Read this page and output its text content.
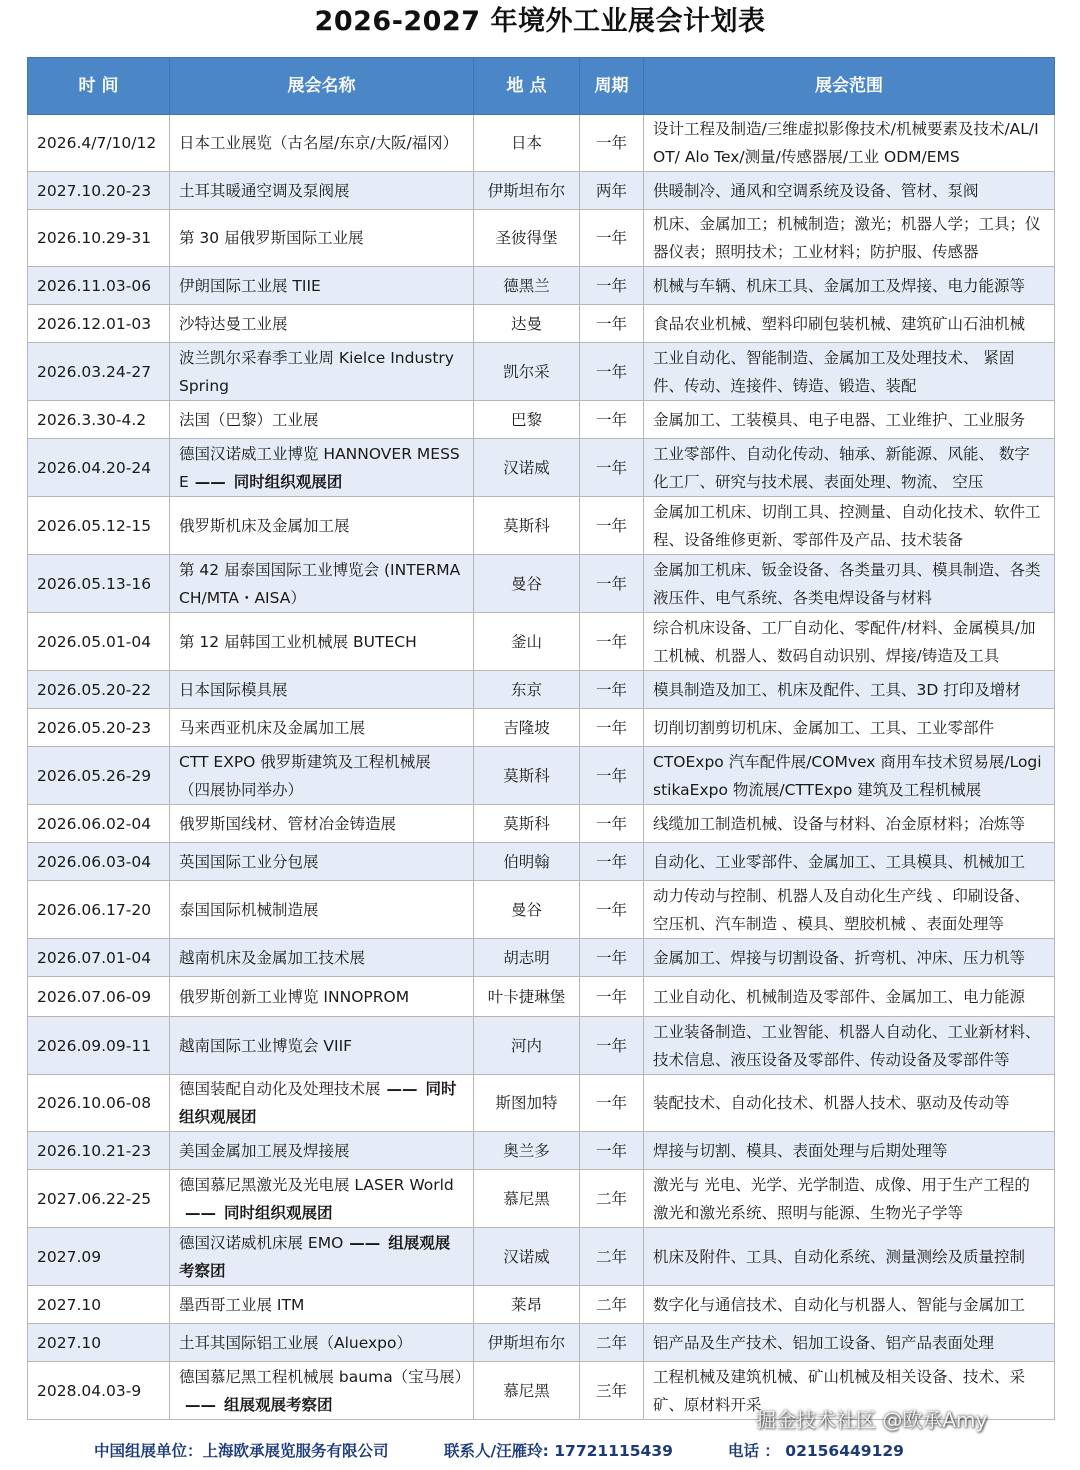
2026-2027 年境外工业展会计划表
时 间	展会名称	地 点	周期	展会范围
2026.4/7/10/12	日本工业展览（古名屋/东京/大阪/福冈）	日本	一年	设计工程及制造/三维虚拟影像技术/机械要素及技术/AL/IOT/ Alo Tex/测量/传感器展/工业 ODM/EMS
2027.10.20-23	土耳其暖通空调及泵阀展	伊斯坦布尔	两年	供暖制冷、通风和空调系统及设备、管材、泵阀
2026.10.29-31	第 30 届俄罗斯国际工业展	圣彼得堡	一年	机床、金属加工；机械制造；激光；机器人学；工具；仪器仪表；照明技术；工业材料；防护服、传感器
2026.11.03-06	伊朗国际工业展 TIIE	德黑兰	一年	机械与车辆、机床工具、金属加工及焊接、电力能源等
2026.12.01-03	沙特达曼工业展	达曼	一年	食品农业机械、塑料印刷包装机械、建筑矿山石油机械
2026.03.24-27	波兰凯尔采春季工业周 Kielce Industry Spring	凯尔采	一年	工业自动化、智能制造、金属加工及处理技术、 紧固件、传动、连接件、铸造、锻造、装配
2026.3.30-4.2	法国（巴黎）工业展	巴黎	一年	金属加工、工装模具、电子电器、工业维护、工业服务
2026.04.20-24	德国汉诺威工业博览 HANNOVER MESSE —— 同时组织观展团	汉诺威	一年	工业零部件、自动化传动、轴承、新能源、风能、 数字化工厂、研究与技术展、表面处理、物流、 空压
2026.05.12-15	俄罗斯机床及金属加工展	莫斯科	一年	金属加工机床、切削工具、控测量、自动化技术、软件工程、设备维修更新、零部件及产品、技术装备
2026.05.13-16	第 42 届泰国国际工业博览会 (INTERMACH/MTA・AISA）	曼谷	一年	金属加工机床、钣金设备、各类量刃具、模具制造、各类液压件、电气系统、各类电焊设备与材料
2026.05.01-04	第 12 届韩国工业机械展 BUTECH	釜山	一年	综合机床设备、工厂自动化、零配件/材料、金属模具/加工机械、机器人、数码自动识别、焊接/铸造及工具
2026.05.20-22	日本国际模具展	东京	一年	模具制造及加工、机床及配件、工具、3D 打印及增材
2026.05.20-23	马来西亚机床及金属加工展	吉隆坡	一年	切削切割剪切机床、金属加工、工具、工业零部件
2026.05.26-29	CTT EXPO 俄罗斯建筑及工程机械展 （四展协同举办）	莫斯科	一年	CTOExpo 汽车配件展/COMvex 商用车技术贸易展/LogistikaExpo 物流展/CTTExpo 建筑及工程机械展
2026.06.02-04	俄罗斯国线材、管材冶金铸造展	莫斯科	一年	线缆加工制造机械、设备与材料、冶金原材料；冶炼等
2026.06.03-04	英国国际工业分包展	伯明翰	一年	自动化、工业零部件、金属加工、工具模具、机械加工
2026.06.17-20	泰国国际机械制造展	曼谷	一年	动力传动与控制、机器人及自动化生产线 、印刷设备、空压机、汽车制造 、模具、塑胶机械 、表面处理等
2026.07.01-04	越南机床及金属加工技术展	胡志明	一年	金属加工、焊接与切割设备、折弯机、冲床、压力机等
2026.07.06-09	俄罗斯创新工业博览 INNOPROM	叶卡捷琳堡	一年	工业自动化、机械制造及零部件、金属加工、电力能源
2026.09.09-11	越南国际工业博览会 VIIF	河内	一年	工业装备制造、工业智能、机器人自动化、工业新材料、技术信息、液压设备及零部件、传动设备及零部件等
2026.10.06-08	德国装配自动化及处理技术展 —— 同时组织观展团	斯图加特	一年	装配技术、自动化技术、机器人技术、驱动及传动等
2026.10.21-23	美国金属加工展及焊接展	奥兰多	一年	焊接与切割、模具、表面处理与后期处理等
2027.06.22-25	德国慕尼黑激光及光电展 LASER World—— 同时组织观展团	慕尼黑	二年	激光与 光电、光学、光学制造、成像、用于生产工程的激光和激光系统、照明与能源、生物光子学等
2027.09	德国汉诺威机床展 EMO —— 组展观展考察团	汉诺威	二年	机床及附件、工具、自动化系统、测量测绘及质量控制
2027.10	墨西哥工业展 ITM	莱昂	二年	数字化与通信技术、自动化与机器人、智能与金属加工
2027.10	土耳其国际铝工业展（Aluexpo）	伊斯坦布尔	二年	铝产品及生产技术、铝加工设备、铝产品表面处理
2028.04.03-9	德国慕尼黑工程机械展 bauma（宝马展）—— 组展观展考察团	慕尼黑	三年	工程机械及建筑机械、矿山机械及相关设备、技术、采矿、原材料开采
中国组展单位：上海欧承展览服务有限公司	联系人/汪雁玲: 17721115439	电话 ： 02156449129
掘金技术社区 @欧承Amy
